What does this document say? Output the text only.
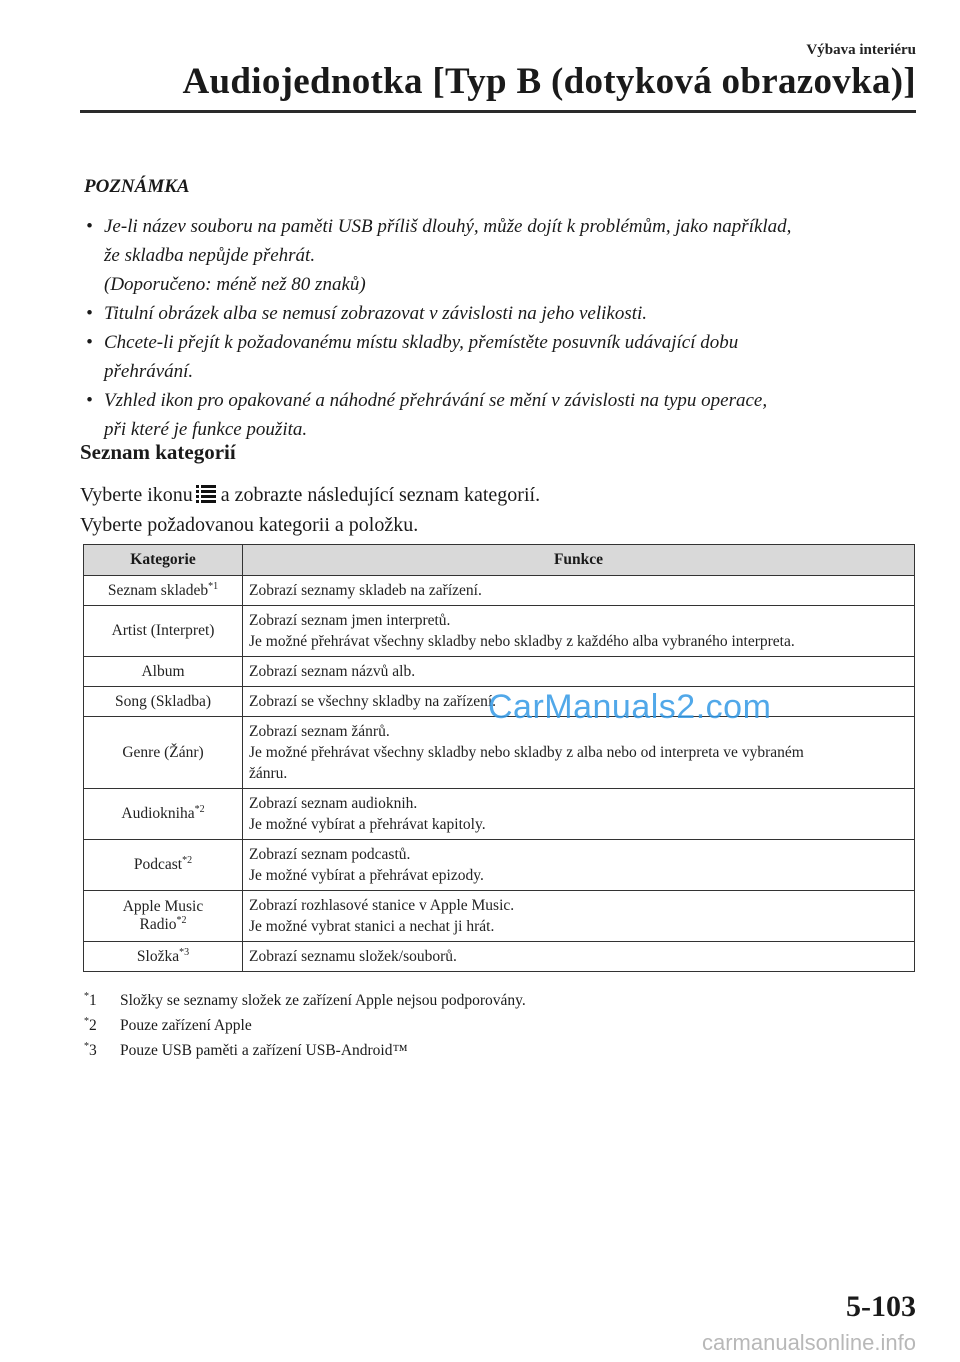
Výbava interiéru
Audiojednotka [Typ B (dotyková obrazovka)]
POZNÁMKA
• Je-li název souboru na paměti USB příliš dlouhý, může dojít k problémům, jako například,
že skladba nepůjde přehrát.
(Doporučeno: méně než 80 znaků)
• Titulní obrázek alba se nemusí zobrazovat v závislosti na jeho velikosti.
• Chcete-li přejít k požadovanému místu skladby, přemístěte posuvník udávající dobu
přehrávání.
• Vzhled ikon pro opakované a náhodné přehrávání se mění v závislosti na typu operace,
při které je funkce použita.
Seznam kategorií
Vyberte ikonu a zobrazte následující seznam kategorií.
Vyberte požadovanou kategorii a položku.
Kategorie	Funkce
Seznam skladeb$^{*1}$	Zobrazí seznamy skladeb na zařízení.

Artist (Interpret)	Zobrazí seznam jmen interpretů.
Je možné přehrávat všechny skladby nebo skladby z každého alba vybraného interpreta.

Album	Zobrazí seznam názvů alb.

Song (Skladba)	Zobrazí se všechny skladby na zařízení.

Genre (Žánr)	Zobrazí seznam žánrů.
Je možné přehrávat všechny skladby nebo skladby z alba nebo od interpreta ve vybraném
žánru.

Audiokniha$^{*2}$	Zobrazí seznam audioknih.
Je možné vybírat a přehrávat kapitoly.

Podcast$^{*2}$	Zobrazí seznam podcastů.
Je možné vybírat a přehrávat epizody.

Apple Music
Radio$^{*2}$	Zobrazí rozhlasové stanice v Apple Music.
Je možné vybrat stanici a nechat ji hrát.

Složka$^{*3}$	Zobrazí seznamu složek/souborů.
*1 Složky se seznamy složek ze zařízení Apple nejsou podporovány.
*2 Pouze zařízení Apple
*3 Pouze USB paměti a zařízení USB-Android™
CarManuals2.com
5-103
carmanualsonline.info
